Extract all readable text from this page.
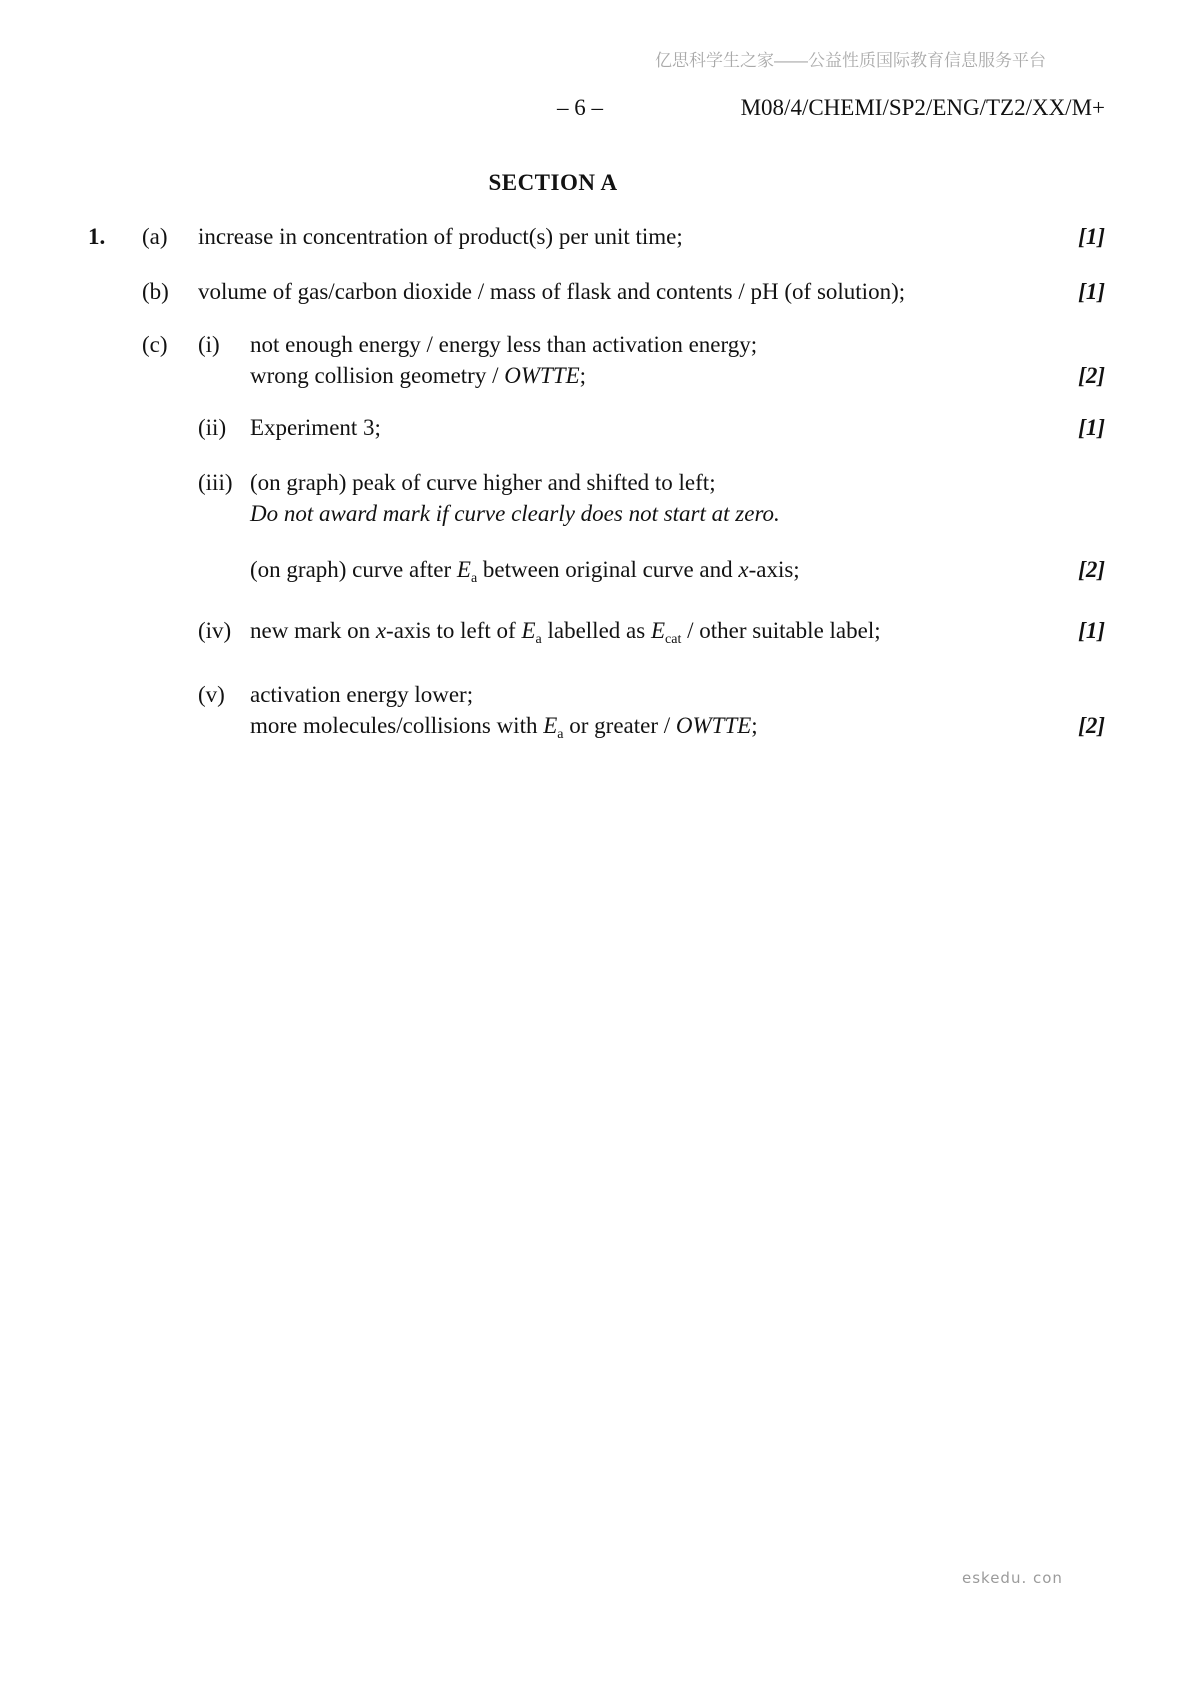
亿思科学生之家——公益性质国际教育信息服务平台
– 6 –	M08/4/CHEMI/SP2/ENG/TZ2/XX/M+
SECTION A
1.	(a)	increase in concentration of product(s) per unit time;	[1]
(b)	volume of gas/carbon dioxide / mass of flask and contents / pH (of solution);	[1]
(c)	(i)	not enough energy / energy less than activation energy;
wrong collision geometry / OWTTE;	[2]
(ii)	Experiment 3;	[1]
(iii) (on graph) peak of curve higher and shifted to left;
Do not award mark if curve clearly does not start at zero.
(on graph) curve after $E_a$ between original curve and x-axis;	[2]
(iv) new mark on x-axis to left of $E_a$ labelled as $E_{cat}$ / other suitable label;	[1]
(v)	activation energy lower;
more molecules/collisions with $E_a$ or greater / OWTTE;	[2]
eskedu. con
